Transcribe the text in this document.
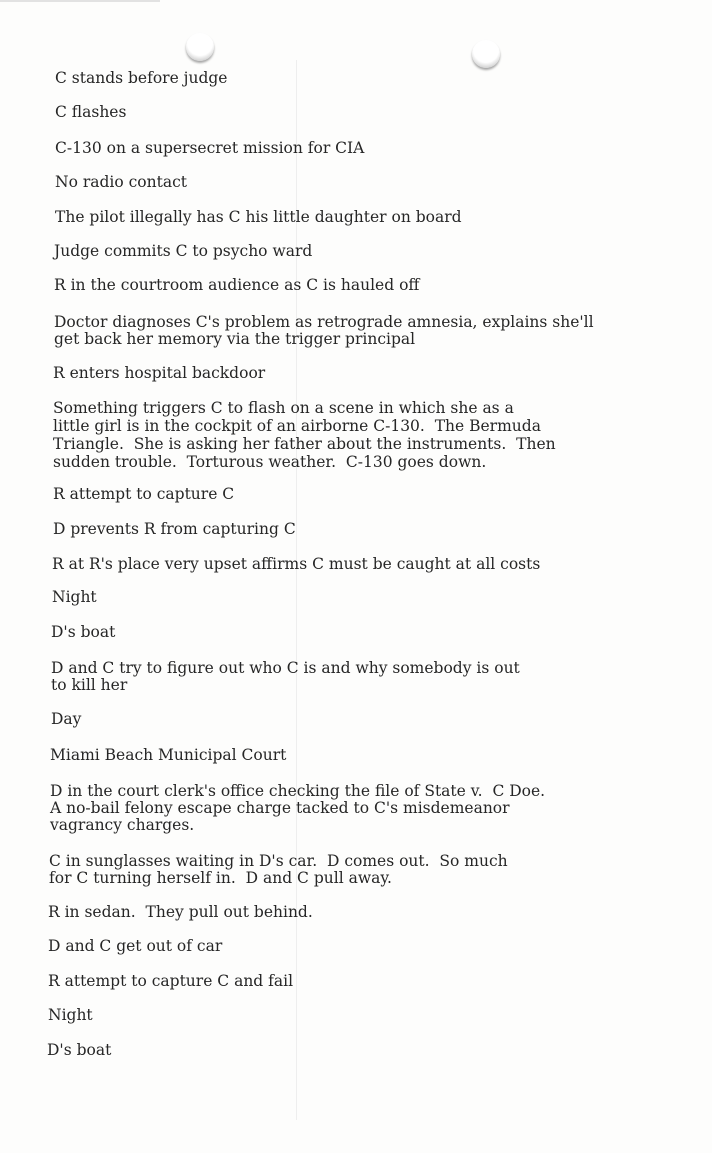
C stands before judge

C flashes

C-130 on a supersecret mission for CIA

No radio contact

The pilot illegally has C his little daughter on board

Judge commits C to psycho ward

R in the courtroom audience as C is hauled off

Doctor diagnoses C's problem as retrograde amnesia, explains she'll

get back her memory via the trigger principal

R enters hospital backdoor

Something triggers C to flash on a scene in which she as a

little girl is in the cockpit of an airborne C-130.  The Bermuda

Triangle.  She is asking her father about the instruments.  Then

sudden trouble.  Torturous weather.  C-130 goes down.

R attempt to capture C

D prevents R from capturing C

R at R's place very upset affirms C must be caught at all costs

Night

D's boat

D and C try to figure out who C is and why somebody is out

to kill her

Day

Miami Beach Municipal Court

D in the court clerk's office checking the file of State v.  C Doe.

A no-bail felony escape charge tacked to C's misdemeanor

vagrancy charges.

C in sunglasses waiting in D's car.  D comes out.  So much

for C turning herself in.  D and C pull away.

R in sedan.  They pull out behind.

D and C get out of car

R attempt to capture C and fail

Night

D's boat
